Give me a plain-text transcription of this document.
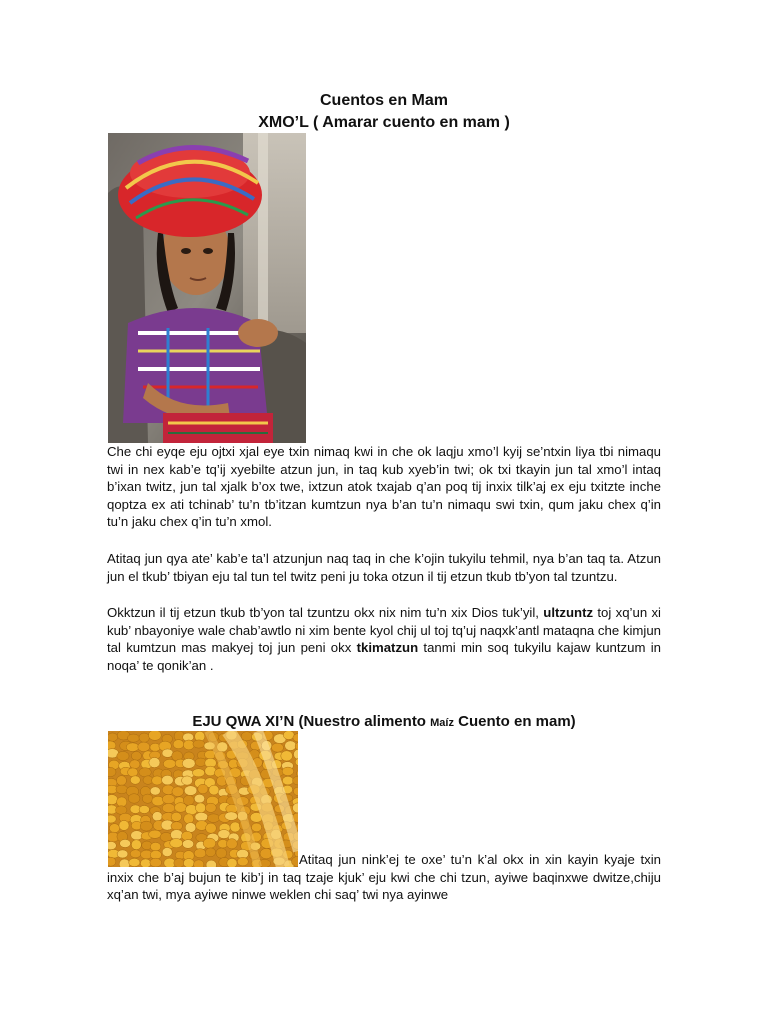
Cuentos en Mam
XMO’L ( Amarar cuento en mam )
Che chi eyqe eju ojtxi xjal eye txin nimaq kwi in che ok laqju xmo’l kyij se’ntxin liya tbi nimaqu twi in nex kab’e tq’ij xyebilte atzun jun, in taq kub xyeb’in twi; ok txi tkayin jun tal xmo’l intaq b’ixan twitz, jun tal xjalk b’ox twe, ixtzun atok txajab q’an poq tij inxix tilk’aj ex eju txitzte inche qoptza ex ati tchinab’ tu’n tb’itzan kumtzun nya b’an tu’n nimaqu swi txin, qum jaku chex q’in tu’n jaku chex q’in tu’n xmol.
Atitaq jun qya ate’ kab’e ta’l atzunjun naq taq in che k’ojin tukyilu tehmil, nya b’an taq ta. Atzun jun el tkub’ tbiyan eju tal tun tel twitz peni ju toka otzun il tij etzun tkub tb’yon tal tzuntzu.
Okktzun il tij etzun tkub tb’yon tal tzuntzu okx nix nim tu’n xix Dios tuk’yil, ultzuntz toj xq’un xi kub’ nbayoniye wale chab’awtlo ni xim bente kyol chij ul toj tq’uj naqxk’antl mataqna che kimjun tal kumtzun mas makyej toj jun peni okx tkimatzun tanmi min soq tukyilu kajaw kuntzum in noqa’ te qonik’an .
EJU QWA XI’N (Nuestro alimento Maíz Cuento en mam)
Atitaq jun nink’ej te oxe’ tu’n k’al okx in xin kayin kyaje txin inxix che b’aj bujun te kib’j in taq tzaje kjuk’ eju kwi che chi tzun, ayiwe baqinxwe dwitze,chiju xq’an twi, mya ayiwe ninwe weklen chi saq’ twi nya ayinwe
